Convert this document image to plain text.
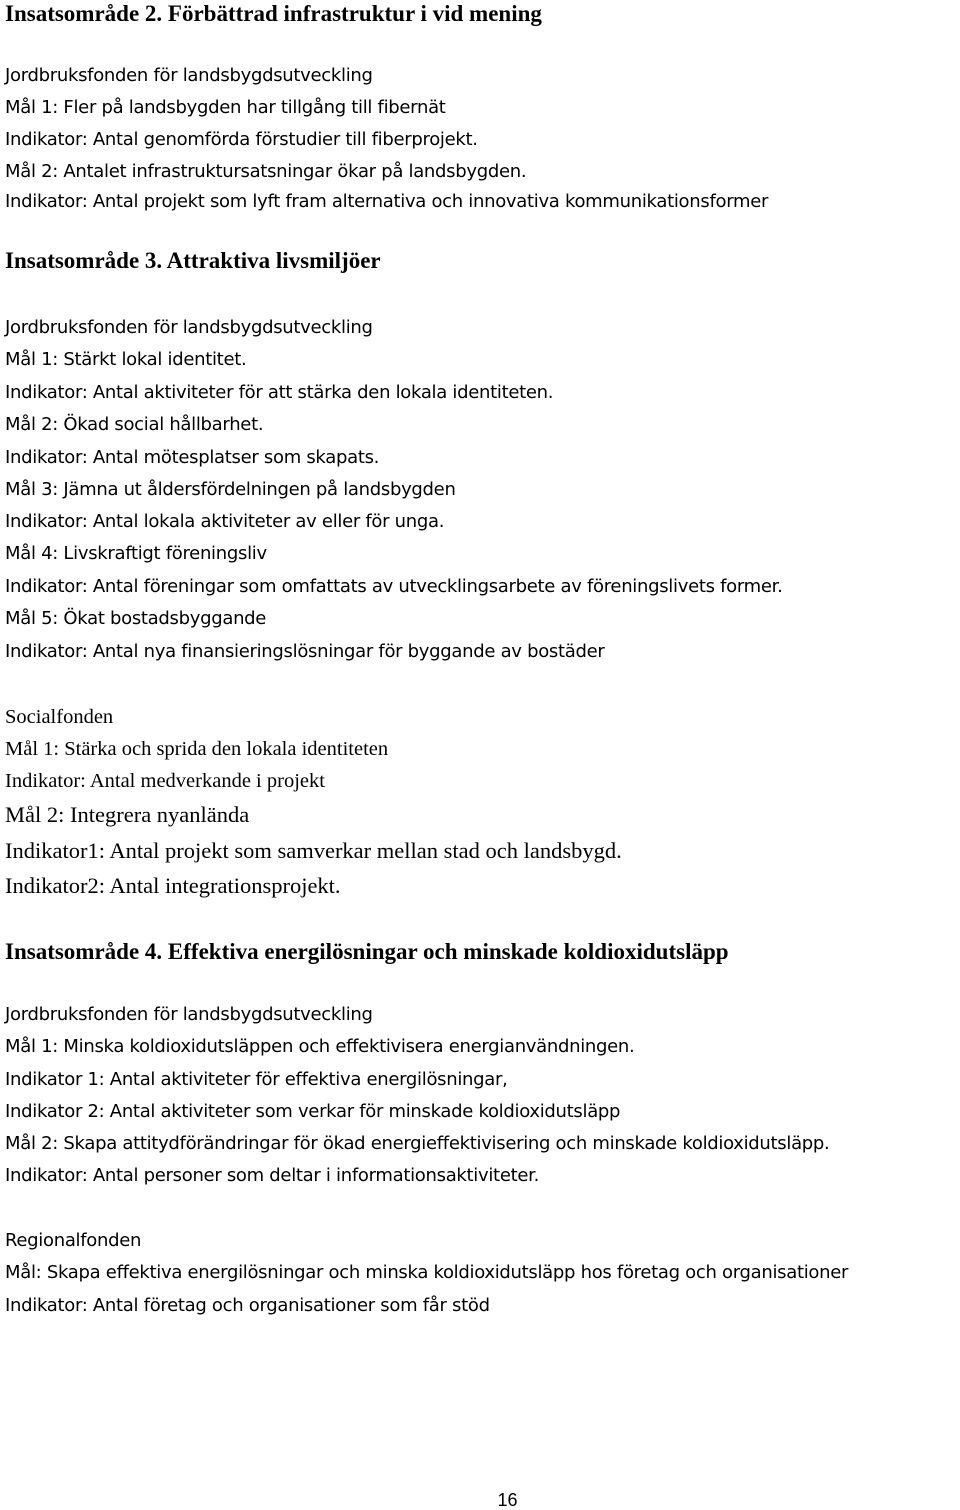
Insatsområde 2. Förbättrad infrastruktur i vid mening
Jordbruksfonden för landsbygdsutveckling
Mål 1: Fler på landsbygden har tillgång till fibernät
Indikator: Antal genomförda förstudier till fiberprojekt.
Mål 2: Antalet infrastruktursatsningar ökar på landsbygden.
Indikator: Antal projekt som lyft fram alternativa och innovativa kommunikationsformer
Insatsområde 3. Attraktiva livsmiljöer
Jordbruksfonden för landsbygdsutveckling
Mål 1: Stärkt lokal identitet.
Indikator: Antal aktiviteter för att stärka den lokala identiteten.
Mål 2: Ökad social hållbarhet.
Indikator: Antal mötesplatser som skapats.
Mål 3: Jämna ut åldersfördelningen på landsbygden
Indikator: Antal lokala aktiviteter av eller för unga.
Mål 4: Livskraftigt föreningsliv
Indikator: Antal föreningar som omfattats av utvecklingsarbete av föreningslivets former.
Mål 5: Ökat bostadsbyggande
Indikator: Antal nya finansieringslösningar för byggande av bostäder
Socialfonden
Mål 1: Stärka och sprida den lokala identiteten
Indikator: Antal medverkande i projekt
Mål 2: Integrera nyanlända
Indikator1: Antal projekt som samverkar mellan stad och landsbygd.
Indikator2: Antal integrationsprojekt.
Insatsområde 4. Effektiva energilösningar och minskade koldioxidutsläpp
Jordbruksfonden för landsbygdsutveckling
Mål 1: Minska koldioxidutsläppen och effektivisera energianvändningen.
Indikator 1: Antal aktiviteter för effektiva energilösningar,
Indikator 2: Antal aktiviteter som verkar för minskade koldioxidutsläpp
Mål 2: Skapa attitydförändringar för ökad energieffektivisering och minskade koldioxidutsläpp.
Indikator: Antal personer som deltar i informationsaktiviteter.
Regionalfonden
Mål: Skapa effektiva energilösningar och minska koldioxidutsläpp hos företag och organisationer
Indikator: Antal företag och organisationer som får stöd
16
